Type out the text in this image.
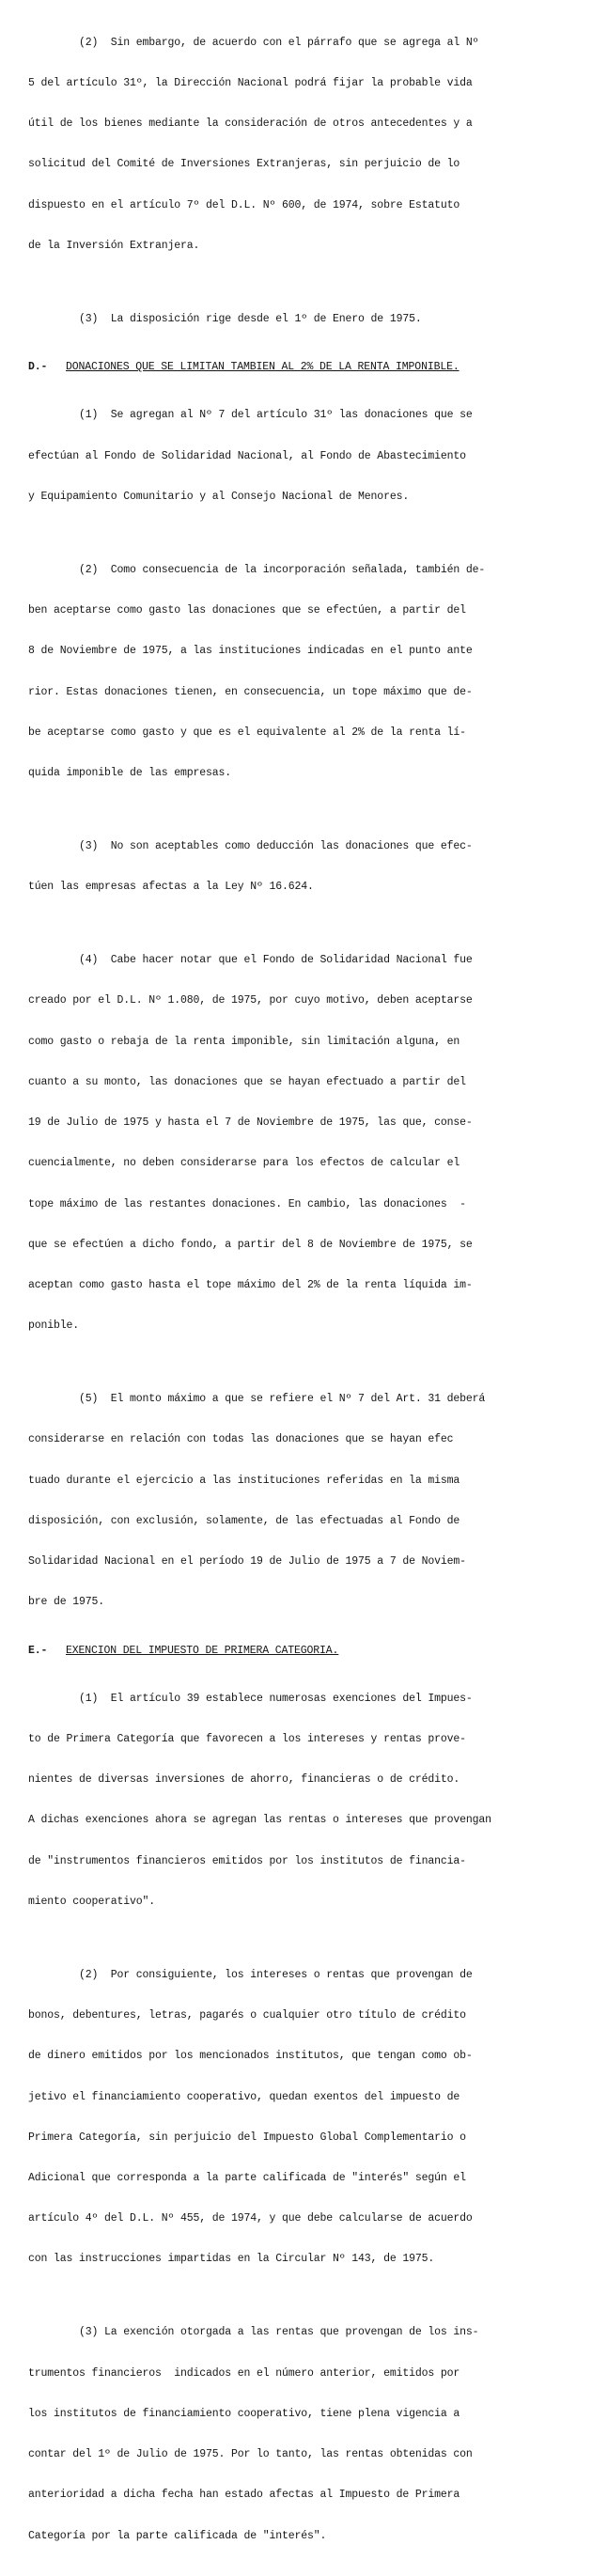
(2)  Sin embargo, de acuerdo con el párrafo que se agrega al Nº

5 del artículo 31º, la Dirección Nacional podrá fijar la probable vida

útil de los bienes mediante la consideración de otros antecedentes y a

solicitud del Comité de Inversiones Extranjeras, sin perjuicio de lo

dispuesto en el artículo 7º del D.L. Nº 600, de 1974, sobre Estatuto

de la Inversión Extranjera.

(3)  La disposición rige desde el 1º de Enero de 1975.

D.-	DONACIONES QUE SE LIMITAN TAMBIEN AL 2% DE LA RENTA IMPONIBLE.

(1)  Se agregan al Nº 7 del artículo 31º las donaciones que se

efectúan al Fondo de Solidaridad Nacional, al Fondo de Abastecimiento

y Equipamiento Comunitario y al Consejo Nacional de Menores.

(2)  Como consecuencia de la incorporación señalada, también de-

ben aceptarse como gasto las donaciones que se efectúen, a partir del

8 de Noviembre de 1975, a las instituciones indicadas en el punto ante

rior. Estas donaciones tienen, en consecuencia, un tope máximo que de-

be aceptarse como gasto y que es el equivalente al 2% de la renta lí-

quida imponible de las empresas.

(3)  No son aceptables como deducción las donaciones que efec-

túen las empresas afectas a la Ley Nº 16.624.

(4)  Cabe hacer notar que el Fondo de Solidaridad Nacional fue

creado por el D.L. Nº 1.080, de 1975, por cuyo motivo, deben aceptarse

como gasto o rebaja de la renta imponible, sin limitación alguna, en

cuanto a su monto, las donaciones que se hayan efectuado a partir del

19 de Julio de 1975 y hasta el 7 de Noviembre de 1975, las que, conse-

cuencialmente, no deben considerarse para los efectos de calcular el

tope máximo de las restantes donaciones. En cambio, las donaciones  -

que se efectúen a dicho fondo, a partir del 8 de Noviembre de 1975, se

aceptan como gasto hasta el tope máximo del 2% de la renta líquida im-

ponible.

(5)  El monto máximo a que se refiere el Nº 7 del Art. 31 deberá

considerarse en relación con todas las donaciones que se hayan efec

tuado durante el ejercicio a las instituciones referidas en la misma

disposición, con exclusión, solamente, de las efectuadas al Fondo de

Solidaridad Nacional en el período 19 de Julio de 1975 a 7 de Noviem-

bre de 1975.

E.-	EXENCION DEL IMPUESTO DE PRIMERA CATEGORIA.

(1)  El artículo 39 establece numerosas exenciones del Impues-

to de Primera Categoría que favorecen a los intereses y rentas prove-

nientes de diversas inversiones de ahorro, financieras o de crédito.

A dichas exenciones ahora se agregan las rentas o intereses que provengan

de "instrumentos financieros emitidos por los institutos de financia-

miento cooperativo".

(2)  Por consiguiente, los intereses o rentas que provengan de

bonos, debentures, letras, pagarés o cualquier otro título de crédito

de dinero emitidos por los mencionados institutos, que tengan como ob-

jetivo el financiamiento cooperativo, quedan exentos del impuesto de

Primera Categoría, sin perjuicio del Impuesto Global Complementario o

Adicional que corresponda a la parte calificada de "interés" según el

artículo 4º del D.L. Nº 455, de 1974, y que debe calcularse de acuerdo

con las instrucciones impartidas en la Circular Nº 143, de 1975.

(3) La exención otorgada a las rentas que provengan de los ins-

trumentos financieros  indicados en el número anterior, emitidos por

los institutos de financiamiento cooperativo, tiene plena vigencia a

contar del 1º de Julio de 1975. Por lo tanto, las rentas obtenidas con

anterioridad a dicha fecha han estado afectas al Impuesto de Primera

Categoría por la parte calificada de "interés".
